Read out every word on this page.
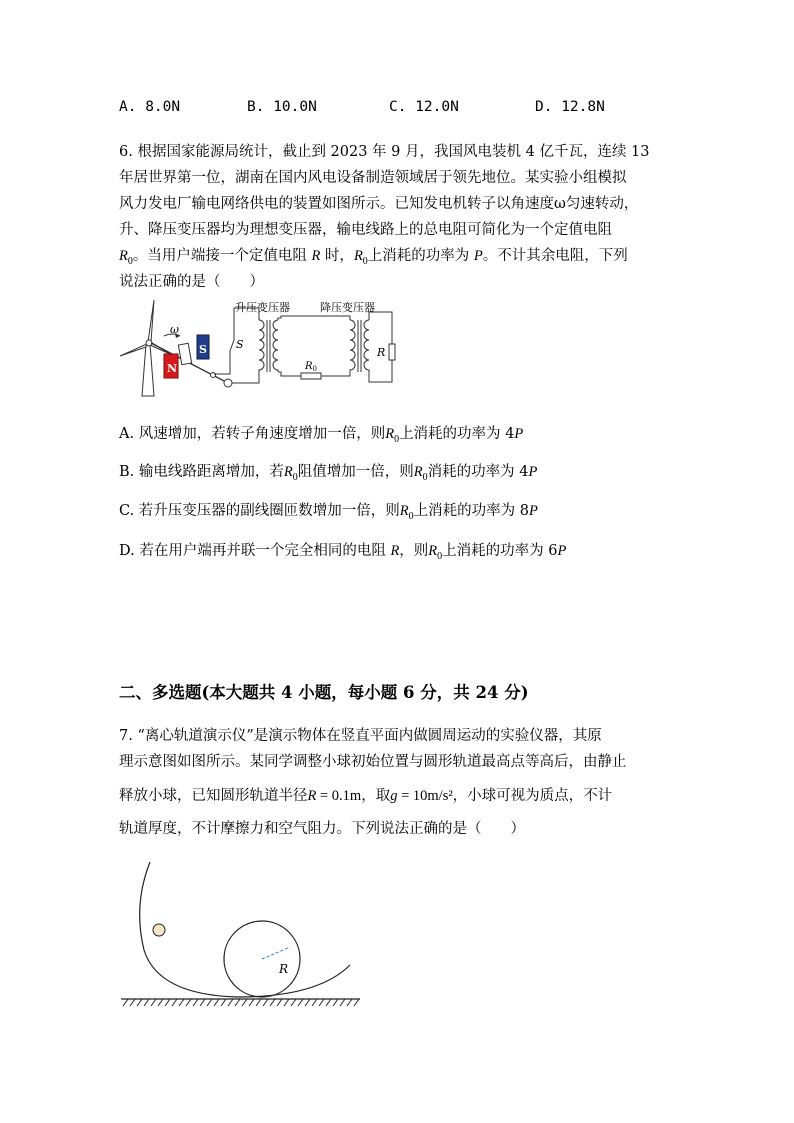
A. 8.0N	B. 10.0N	C. 12.0N	D. 12.8N
6. 根据国家能源局统计，截止到 2023 年 9 月，我国风电装机 4 亿千瓦，连续 13
年居世界第一位，湖南在国内风电设备制造领域居于领先地位。某实验小组模拟
风力发电厂输电网络供电的装置如图所示。已知发电机转子以角速度ω匀速转动，
升、降压变压器均为理想变压器，输电线路上的总电阻可简化为一个定值电阻
$R_0$。当用户端接一个定值电阻 R 时，$R_0$上消耗的功率为 P。不计其余电阻，下列
说法正确的是（　　）
ω
S
N
S
升压变压器
$R_0$
降压变压器
R
A. 风速增加，若转子角速度增加一倍，则$R_0$上消耗的功率为 4P
B. 输电线路距离增加，若$R_0$阻值增加一倍，则$R_0$消耗的功率为 4P
C. 若升压变压器的副线圈匝数增加一倍，则$R_0$上消耗的功率为 8P
D. 若在用户端再并联一个完全相同的电阻 R，则$R_0$上消耗的功率为 6P
二、多选题(本大题共 4 小题，每小题 6 分，共 24 分)
7. “离心轨道演示仪”是演示物体在竖直平面内做圆周运动的实验仪器，其原
理示意图如图所示。某同学调整小球初始位置与圆形轨道最高点等高后，由静止
释放小球，已知圆形轨道半径R = 0.1m，取g = 10m/s²，小球可视为质点，不计
轨道厚度，不计摩擦力和空气阻力。下列说法正确的是（　　）
R
